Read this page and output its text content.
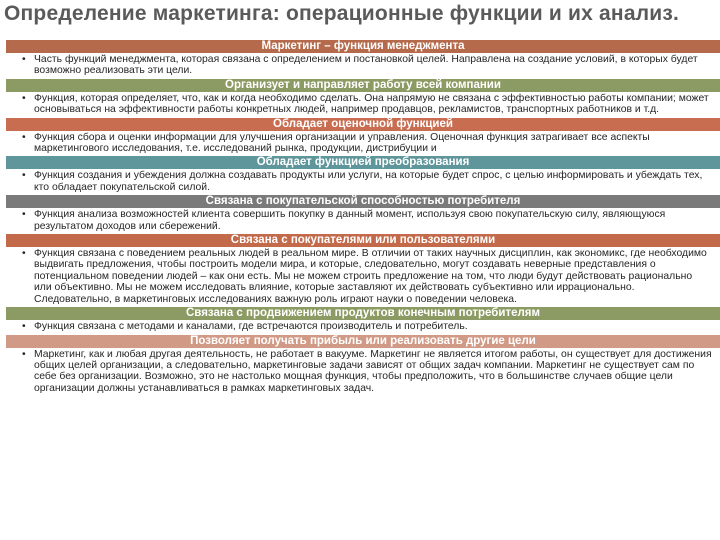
Определение маркетинга: операционные функции и их анализ.
Маркетинг – функция менеджмента
• Часть функций менеджмента, которая связана с определением и постановкой целей. Направлена на создание условий, в которых будет возможно реализовать эти цели.
Организует и направляет работу всей компании
• Функция, которая определяет, что, как и когда необходимо сделать. Она напрямую не связана с эффективностью работы компании; может основываться на эффективности работы конкретных людей, например продавцов, рекламистов, транспортных работников и т.д.
Обладает оценочной функцией
• Функция сбора и оценки информации для улучшения организации и управления. Оценочная функция затрагивает все аспекты маркетингового исследования, т.е. исследований рынка, продукции, дистрибуции и
Обладает функцией преобразования
• Функция создания и убеждения должна создавать продукты или услуги, на которые будет спрос, с целью информировать и убеждать тех, кто обладает покупательской силой.
Связана с покупательской способностью потребителя
• Функция анализа возможностей клиента совершить покупку в данный момент, используя свою покупательскую силу, являющуюся результатом доходов или сбережений.
Связана с покупателями или пользователями
• Функция связана с поведением реальных людей в реальном мире. В отличии от таких научных дисциплин, как экономикс, где необходимо выдвигать предложения, чтобы построить модели мира, и которые, следовательно, могут создавать неверные представления о потенциальном поведении людей – как они есть. Мы не можем строить предложение на том, что люди будут действовать рационально или объективно. Мы не можем исследовать влияние, которые заставляют их действовать субъективно или иррационально. Следовательно, в маркетинговых исследованиях важную роль играют науки о поведении человека.
Связана с продвижением продуктов конечным потребителям
• Функция связана с методами и каналами, где встречаются производитель и потребитель.
Позволяет получать прибыль или реализовать другие цели
• Маркетинг, как и любая другая деятельность, не работает в вакууме. Маркетинг не является итогом работы, он существует для достижения общих целей организации, а следовательно, маркетинговые задачи зависят от общих задач компании. Маркетинг не существует сам по себе без организации. Возможно, это не настолько мощная функция, чтобы предположить, что в большинстве случаев общие цели организации должны устанавливаться в рамках маркетинговых задач.
